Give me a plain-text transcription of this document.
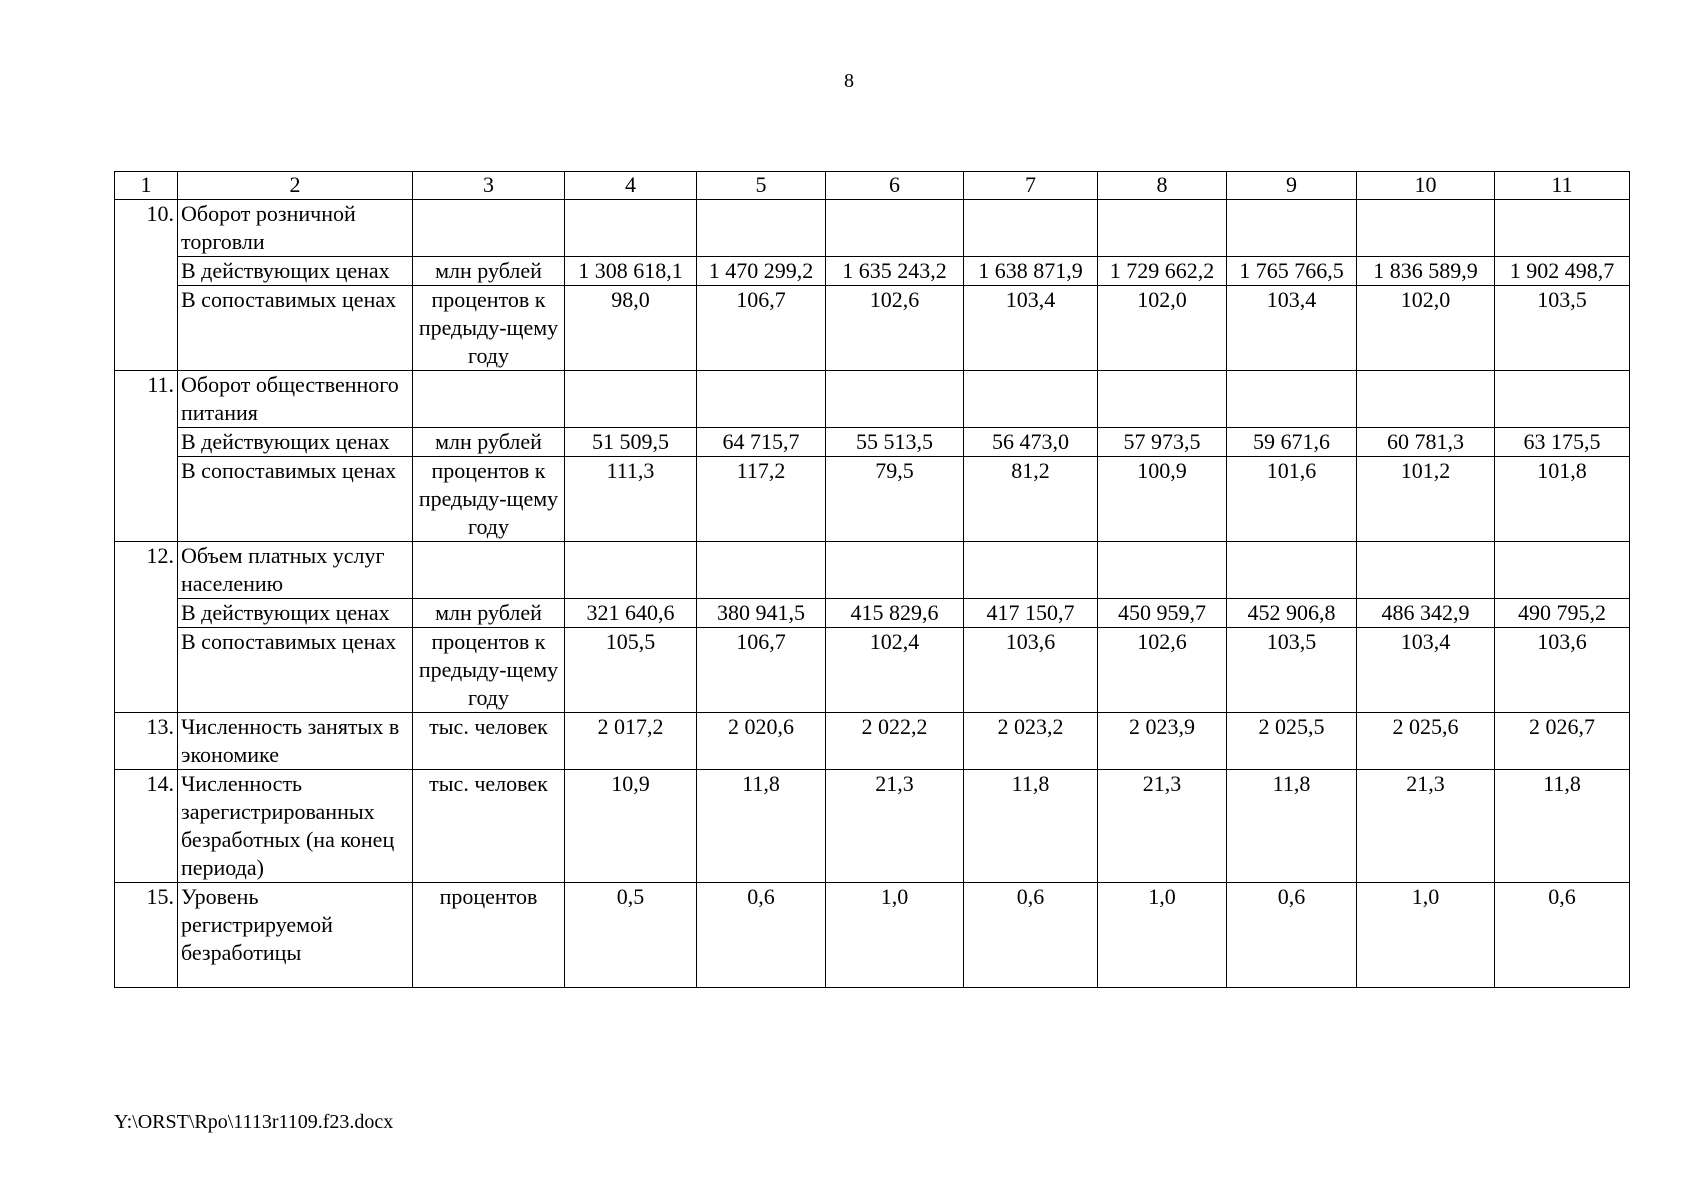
8
1	2	3	4	5	6	7	8	9	10	11
10.	Оборот розничной торговли									
	В действующих ценах	млн рублей	1 308 618,1	1 470 299,2	1 635 243,2	1 638 871,9	1 729 662,2	1 765 766,5	1 836 589,9	1 902 498,7
	В сопоставимых ценах	процентов к предыду-щему году	98,0	106,7	102,6	103,4	102,0	103,4	102,0	103,5
11.	Оборот общественного питания									
	В действующих ценах	млн рублей	51 509,5	64 715,7	55 513,5	56 473,0	57 973,5	59 671,6	60 781,3	63 175,5
	В сопоставимых ценах	процентов к предыду-щему году	111,3	117,2	79,5	81,2	100,9	101,6	101,2	101,8
12.	Объем платных услуг населению									
	В действующих ценах	млн рублей	321 640,6	380 941,5	415 829,6	417 150,7	450 959,7	452 906,8	486 342,9	490 795,2
	В сопоставимых ценах	процентов к предыду-щему году	105,5	106,7	102,4	103,6	102,6	103,5	103,4	103,6
13.	Численность занятых в экономике	тыс. человек	2 017,2	2 020,6	2 022,2	2 023,2	2 023,9	2 025,5	2 025,6	2 026,7
14.	Численность зарегистрированных безработных (на конец периода)	тыс. человек	10,9	11,8	21,3	11,8	21,3	11,8	21,3	11,8
15.	Уровень регистрируемой безработицы	процентов	0,5	0,6	1,0	0,6	1,0	0,6	1,0	0,6
Y:\ORST\Rpo\1113r1109.f23.docx
